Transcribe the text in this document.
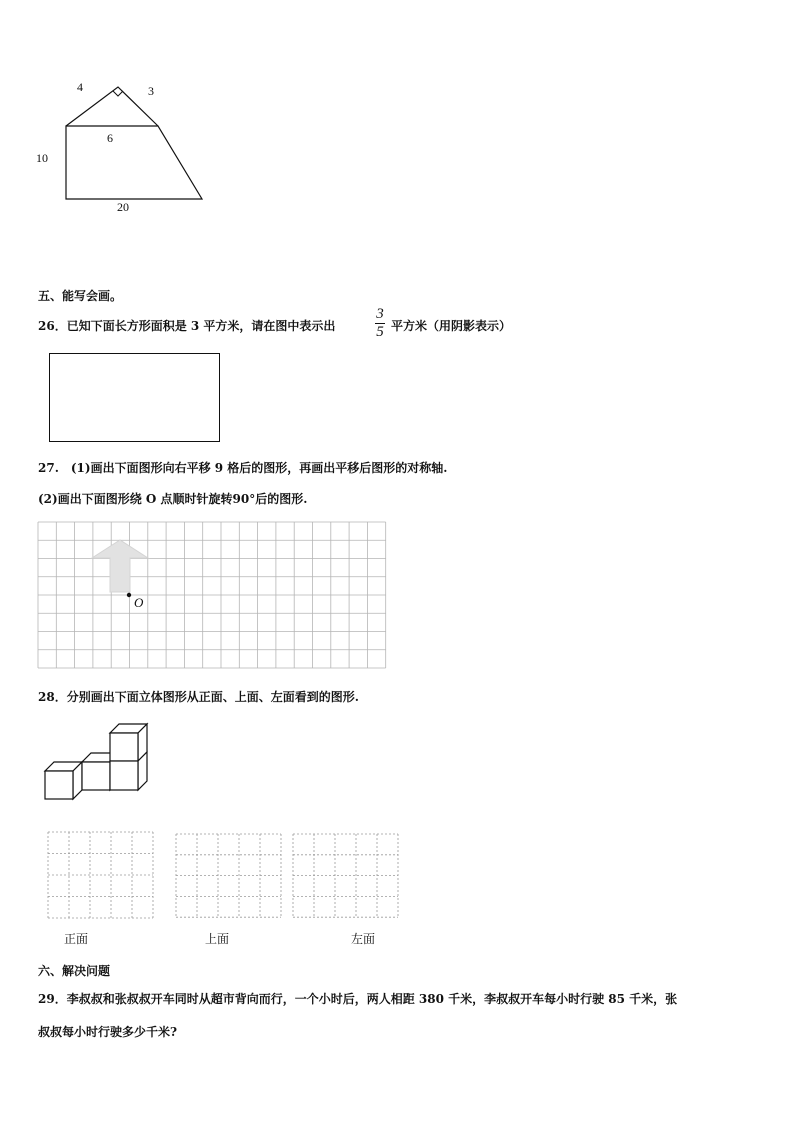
4	3
6
10
20
五、能写会画。
26．已知下面长方形面积是 3 平方米，请在图中表示出
3
5 平方米（用阴影表示）
27.　(1)画出下面图形向右平移 9 格后的图形，再画出平移后图形的对称轴.
(2)画出下面图形绕 O 点顺时针旋转90°后的图形.
O
28．分别画出下面立体图形从正面、上面、左面看到的图形.
正面	上面	左面
六、解决问题
29．李叔叔和张叔叔开车同时从超市背向而行，一个小时后，两人相距 380 千米，李叔叔开车每小时行驶 85 千米，张
叔叔每小时行驶多少千米?
